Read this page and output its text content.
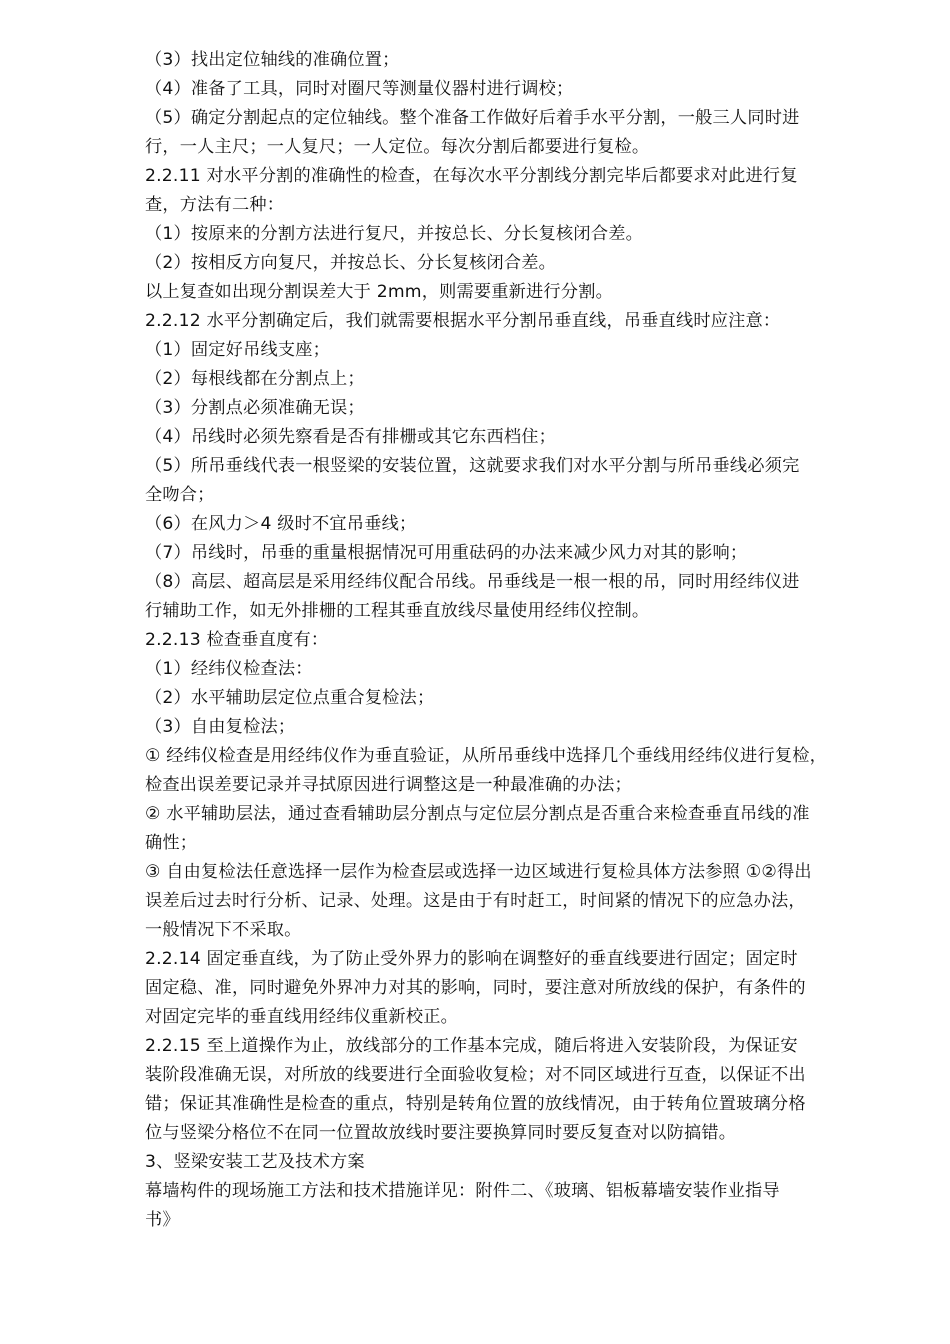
（3）找出定位轴线的准确位置；
（4）准备了工具，同时对圈尺等测量仪器村进行调校；
（5）确定分割起点的定位轴线。整个准备工作做好后着手水平分割，一般三人同时进
行，一人主尺；一人复尺；一人定位。每次分割后都要进行复检。
2.2.11 对水平分割的准确性的检查，在每次水平分割线分割完毕后都要求对此进行复
查，方法有二种：
（1）按原来的分割方法进行复尺，并按总长、分长复核闭合差。
（2）按相反方向复尺，并按总长、分长复核闭合差。
以上复查如出现分割误差大于 2mm，则需要重新进行分割。
2.2.12 水平分割确定后，我们就需要根据水平分割吊垂直线，吊垂直线时应注意：
（1）固定好吊线支座；
（2）每根线都在分割点上；
（3）分割点必须准确无误；
（4）吊线时必须先察看是否有排栅或其它东西档住；
（5）所吊垂线代表一根竖梁的安装位置，这就要求我们对水平分割与所吊垂线必须完
全吻合；
（6）在风力＞4 级时不宜吊垂线；
（7）吊线时，吊垂的重量根据情况可用重砝码的办法来减少风力对其的影响；
（8）高层、超高层是采用经纬仪配合吊线。吊垂线是一根一根的吊，同时用经纬仪进
行辅助工作，如无外排栅的工程其垂直放线尽量使用经纬仪控制。
2.2.13 检查垂直度有：
（1）经纬仪检查法：
（2）水平辅助层定位点重合复检法；
（3）自由复检法；
① 经纬仪检查是用经纬仪作为垂直验证，从所吊垂线中选择几个垂线用经纬仪进行复检，
检查出误差要记录并寻拭原因进行调整这是一种最准确的办法；
② 水平辅助层法，通过查看辅助层分割点与定位层分割点是否重合来检查垂直吊线的准
确性；
③ 自由复检法任意选择一层作为检查层或选择一边区域进行复检具体方法参照 ①②得出
误差后过去时行分析、记录、处理。这是由于有时赶工，时间紧的情况下的应急办法，
一般情况下不采取。
2.2.14 固定垂直线，为了防止受外界力的影响在调整好的垂直线要进行固定；固定时
固定稳、准，同时避免外界冲力对其的影响，同时，要注意对所放线的保护，有条件的
对固定完毕的垂直线用经纬仪重新校正。
2.2.15 至上道操作为止，放线部分的工作基本完成，随后将进入安装阶段，为保证安
装阶段准确无误，对所放的线要进行全面验收复检；对不同区域进行互查，以保证不出
错；保证其准确性是检查的重点，特别是转角位置的放线情况，由于转角位置玻璃分格
位与竖梁分格位不在同一位置故放线时要注要换算同时要反复查对以防搞错。
3、竖梁安装工艺及技术方案
幕墙构件的现场施工方法和技术措施详见：附件二、《玻璃、铝板幕墙安装作业指导
书》
